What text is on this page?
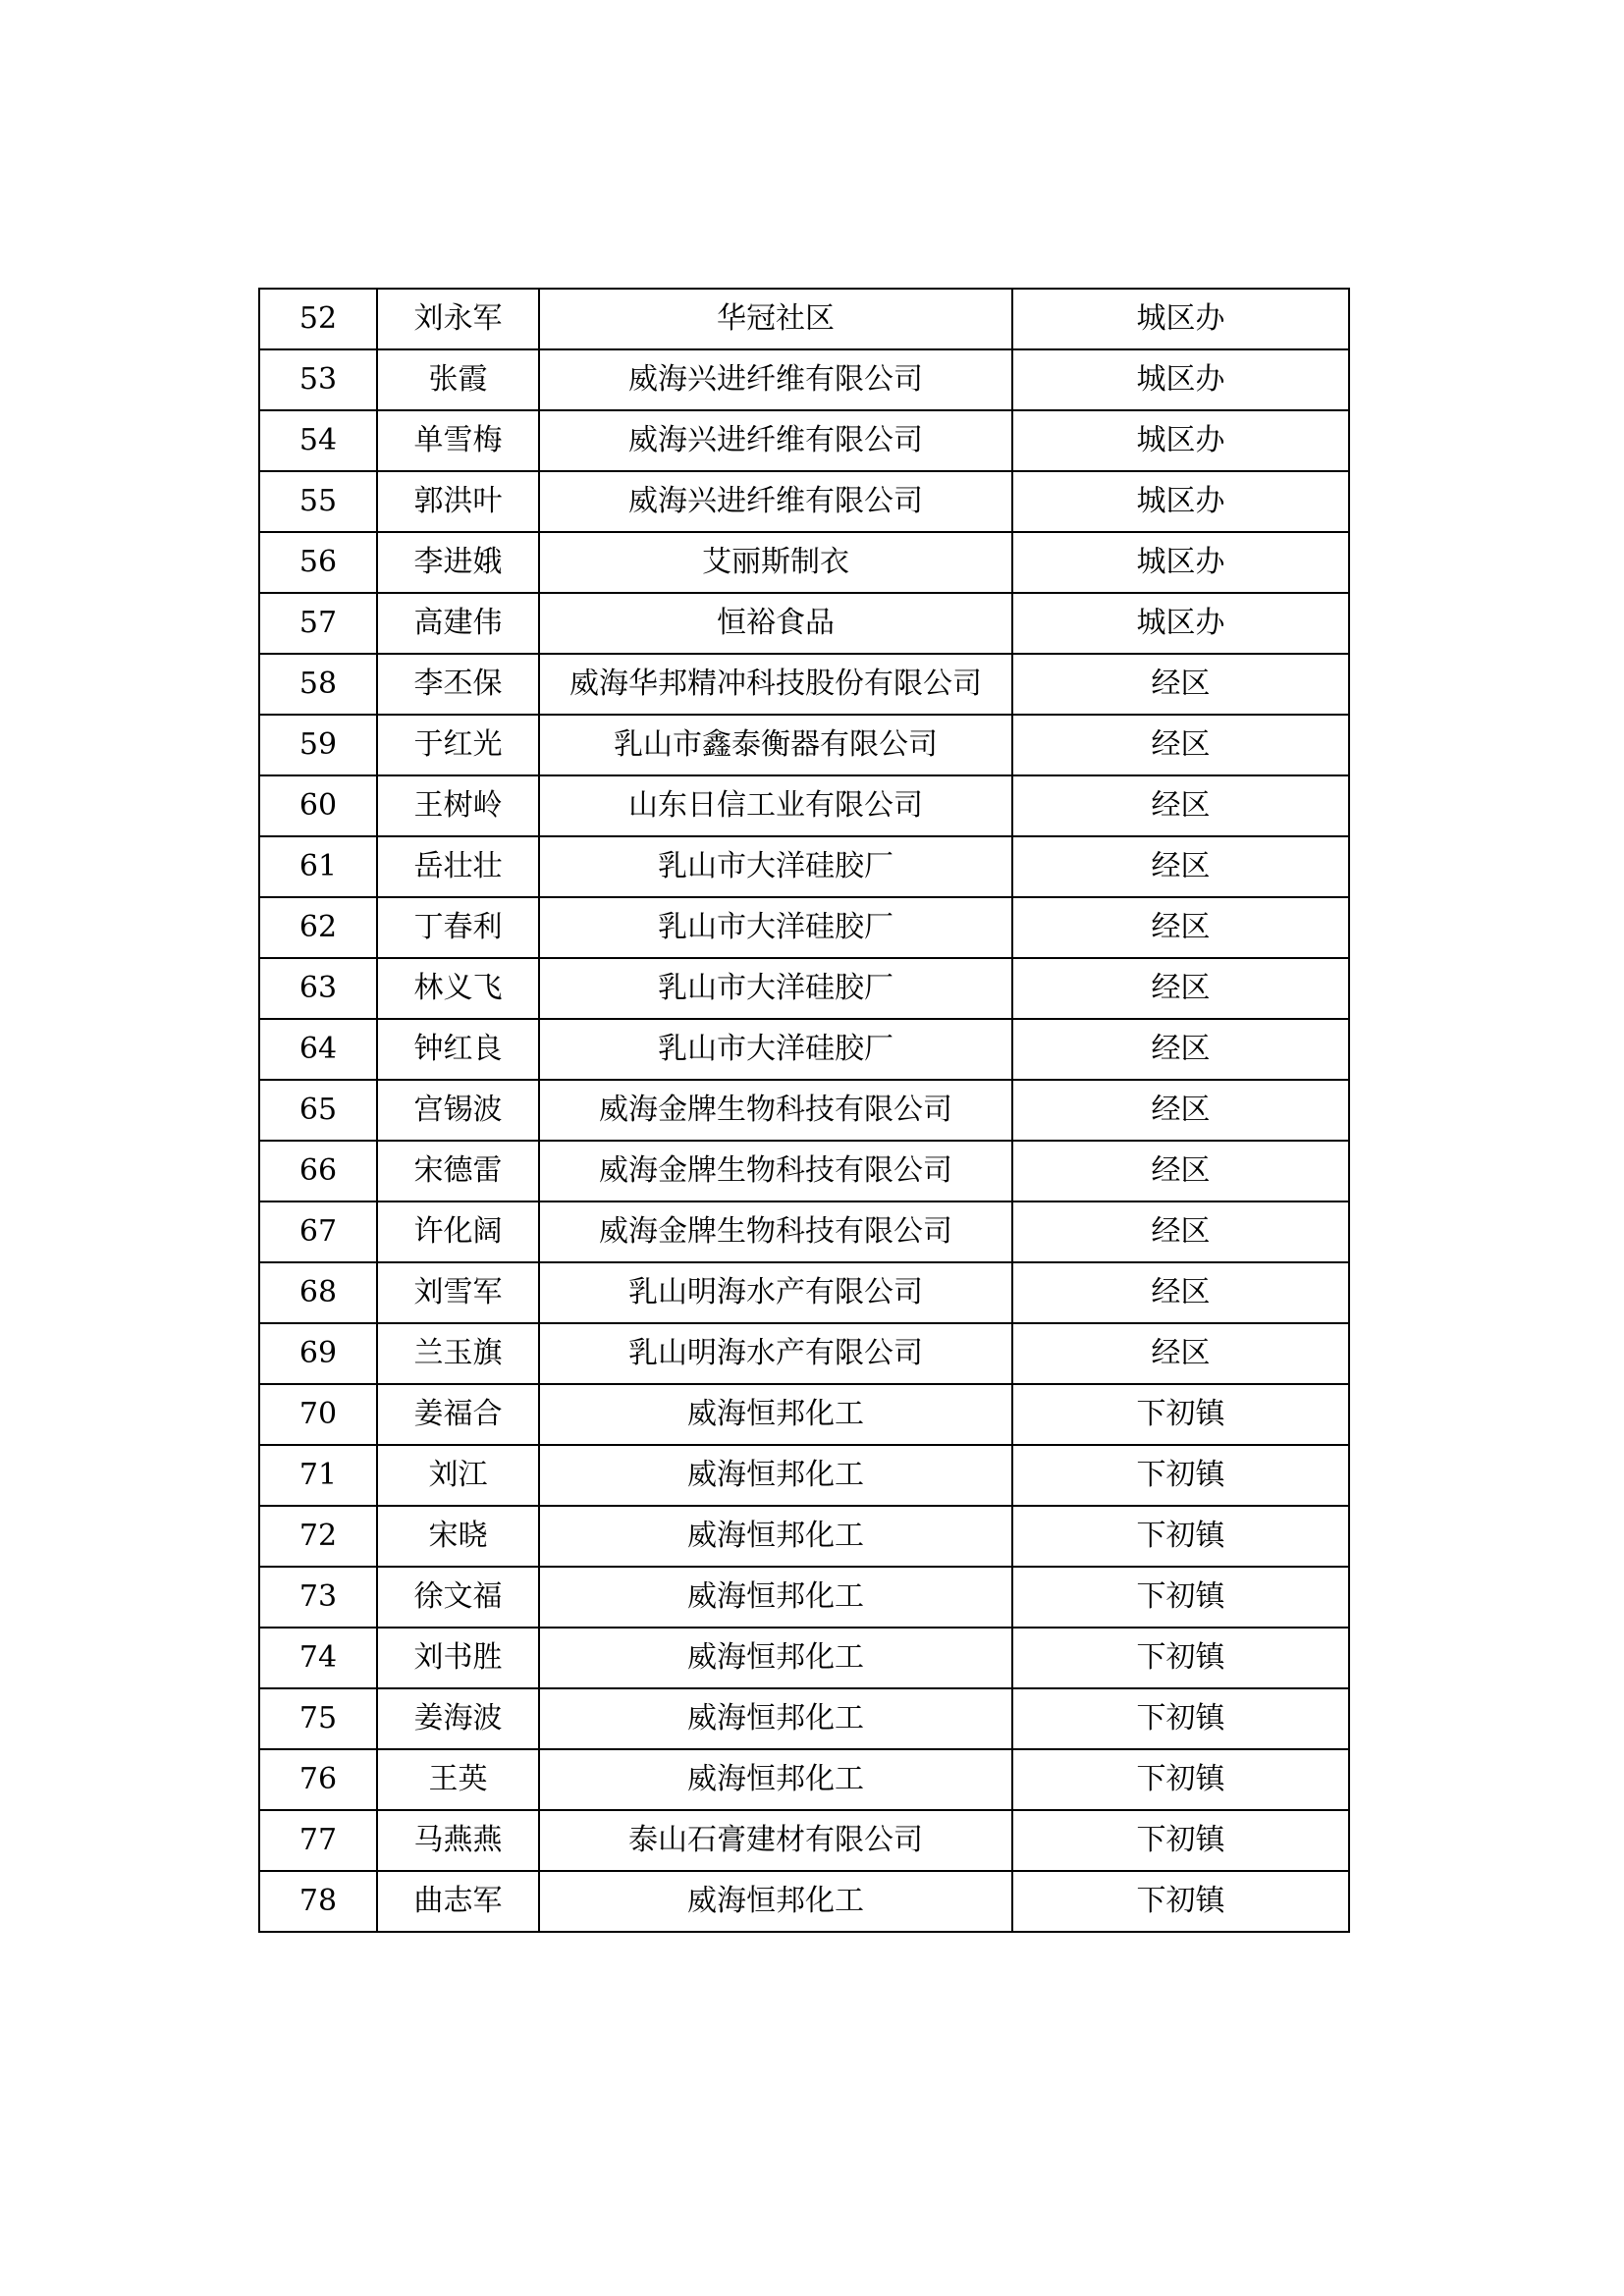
52	刘永军	华冠社区	城区办
53	张霞	威海兴进纤维有限公司	城区办
54	单雪梅	威海兴进纤维有限公司	城区办
55	郭洪叶	威海兴进纤维有限公司	城区办
56	李进娥	艾丽斯制衣	城区办
57	高建伟	恒裕食品	城区办
58	李丕保	威海华邦精冲科技股份有限公司	经区
59	于红光	乳山市鑫泰衡器有限公司	经区
60	王树岭	山东日信工业有限公司	经区
61	岳壮壮	乳山市大洋硅胶厂	经区
62	丁春利	乳山市大洋硅胶厂	经区
63	林义飞	乳山市大洋硅胶厂	经区
64	钟红良	乳山市大洋硅胶厂	经区
65	宫锡波	威海金牌生物科技有限公司	经区
66	宋德雷	威海金牌生物科技有限公司	经区
67	许化阔	威海金牌生物科技有限公司	经区
68	刘雪军	乳山明海水产有限公司	经区
69	兰玉旗	乳山明海水产有限公司	经区
70	姜福合	威海恒邦化工	下初镇
71	刘江	威海恒邦化工	下初镇
72	宋晓	威海恒邦化工	下初镇
73	徐文福	威海恒邦化工	下初镇
74	刘书胜	威海恒邦化工	下初镇
75	姜海波	威海恒邦化工	下初镇
76	王英	威海恒邦化工	下初镇
77	马燕燕	泰山石膏建材有限公司	下初镇
78	曲志军	威海恒邦化工	下初镇
